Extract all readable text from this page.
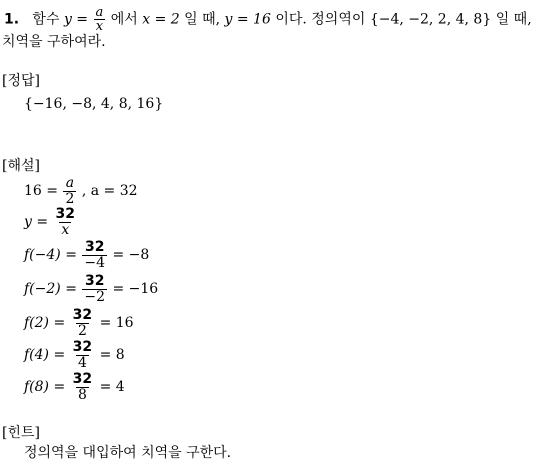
1. 함수 $y = \frac{a}{x}$ 에서 x = 2 일 때, y = 16 이다. 정의역이 {−4, −2, 2, 4, 8} 일 때,
치역을 구하여라.
[정답]
{−16, −8, 4, 8, 16}
[해설]
$16 = \frac{a}{2}$ , a = 32
$y = \frac{32}{x}$
$f(-4) = \frac{32}{-4} = -8$
$f(-2) = \frac{32}{-2} = -16$
$f(2) = \frac{32}{2} = 16$
$f(4) = \frac{32}{4} = 8$
$f(8) = \frac{32}{8} = 4$
[힌트]
정의역을 대입하여 치역을 구한다.
